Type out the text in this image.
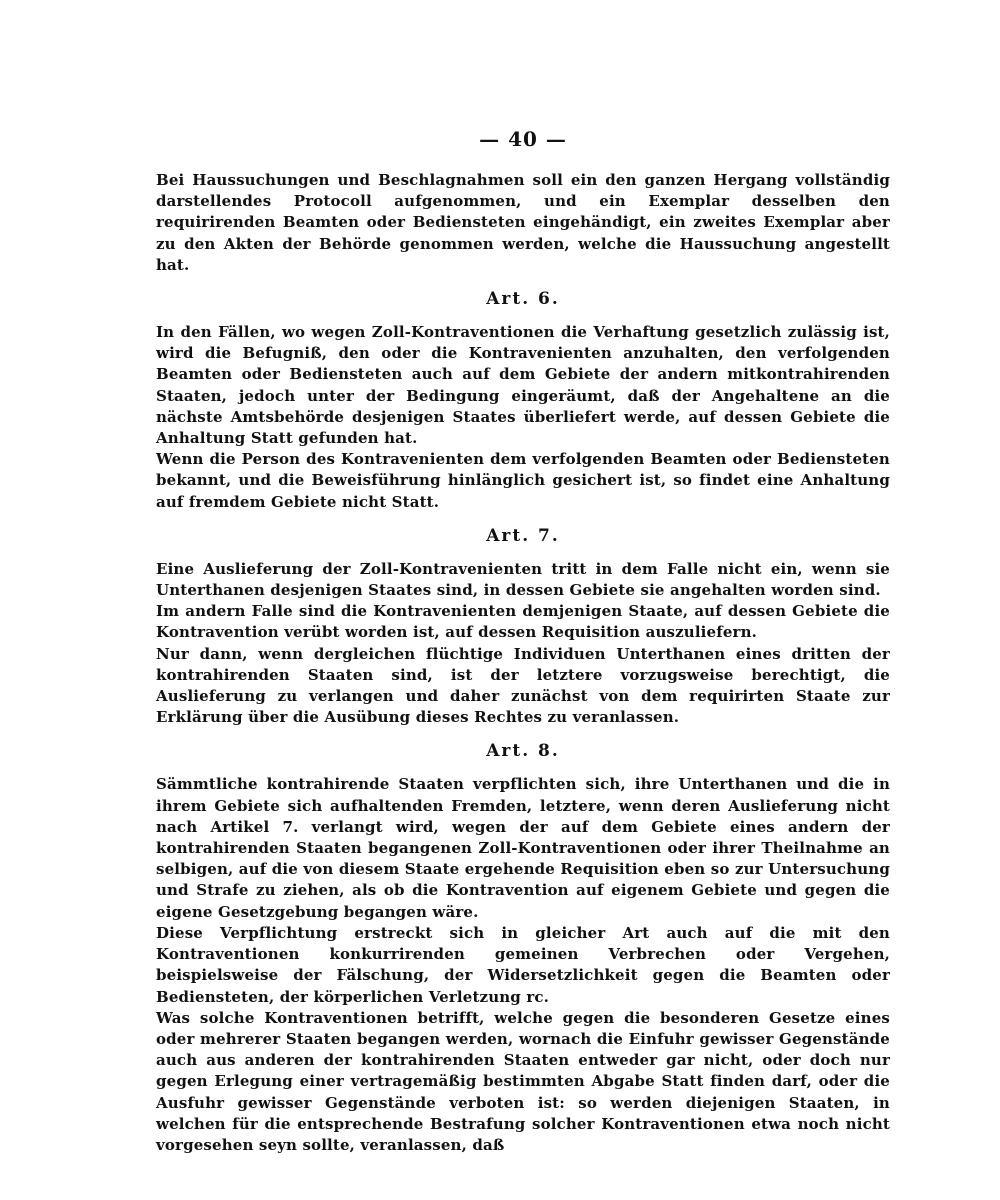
— 40 —

Bei Haussuchungen und Beschlagnahmen soll ein den ganzen Hergang vollständig darstellendes Protocoll aufgenommen, und ein Exemplar desselben den requirirenden Beamten oder Bediensteten eingehändigt, ein zweites Exemplar aber zu den Akten der Behörde genommen werden, welche die Haussuchung angestellt hat.

Art. 6.

In den Fällen, wo wegen Zoll-Kontraventionen die Verhaftung gesetzlich zulässig ist, wird die Befugniß, den oder die Kontravenienten anzuhalten, den verfolgenden Beamten oder Bediensteten auch auf dem Gebiete der andern mitkontrahirenden Staaten, jedoch unter der Bedingung eingeräumt, daß der Angehaltene an die nächste Amtsbehörde desjenigen Staates überliefert werde, auf dessen Gebiete die Anhaltung Statt gefunden hat.

Wenn die Person des Kontravenienten dem verfolgenden Beamten oder Bediensteten bekannt, und die Beweisführung hinlänglich gesichert ist, so findet eine Anhaltung auf fremdem Gebiete nicht Statt.

Art. 7.

Eine Auslieferung der Zoll-Kontravenienten tritt in dem Falle nicht ein, wenn sie Unterthanen desjenigen Staates sind, in dessen Gebiete sie angehalten worden sind.

Im andern Falle sind die Kontravenienten demjenigen Staate, auf dessen Gebiete die Kontravention verübt worden ist, auf dessen Requisition auszuliefern.

Nur dann, wenn dergleichen flüchtige Individuen Unterthanen eines dritten der kontrahirenden Staaten sind, ist der letztere vorzugsweise berechtigt, die Auslieferung zu verlangen und daher zunächst von dem requirirten Staate zur Erklärung über die Ausübung dieses Rechtes zu veranlassen.

Art. 8.

Sämmtliche kontrahirende Staaten verpflichten sich, ihre Unterthanen und die in ihrem Gebiete sich aufhaltenden Fremden, letztere, wenn deren Auslieferung nicht nach Artikel 7. verlangt wird, wegen der auf dem Gebiete eines andern der kontrahirenden Staaten begangenen Zoll-Kontraventionen oder ihrer Theilnahme an selbigen, auf die von diesem Staate ergehende Requisition eben so zur Untersuchung und Strafe zu ziehen, als ob die Kontravention auf eigenem Gebiete und gegen die eigene Gesetzgebung begangen wäre.

Diese Verpflichtung erstreckt sich in gleicher Art auch auf die mit den Kontraventionen konkurrirenden gemeinen Verbrechen oder Vergehen, beispielsweise der Fälschung, der Widersetzlichkeit gegen die Beamten oder Bediensteten, der körperlichen Verletzung rc.

Was solche Kontraventionen betrifft, welche gegen die besonderen Gesetze eines oder mehrerer Staaten begangen werden, wornach die Einfuhr gewisser Gegenstände auch aus anderen der kontrahirenden Staaten entweder gar nicht, oder doch nur gegen Erlegung einer vertragemäßig bestimmten Abgabe Statt finden darf, oder die Ausfuhr gewisser Gegenstände verboten ist: so werden diejenigen Staaten, in welchen für die entsprechende Bestrafung solcher Kontraventionen etwa noch nicht vorgesehen seyn sollte, veranlassen, daß
